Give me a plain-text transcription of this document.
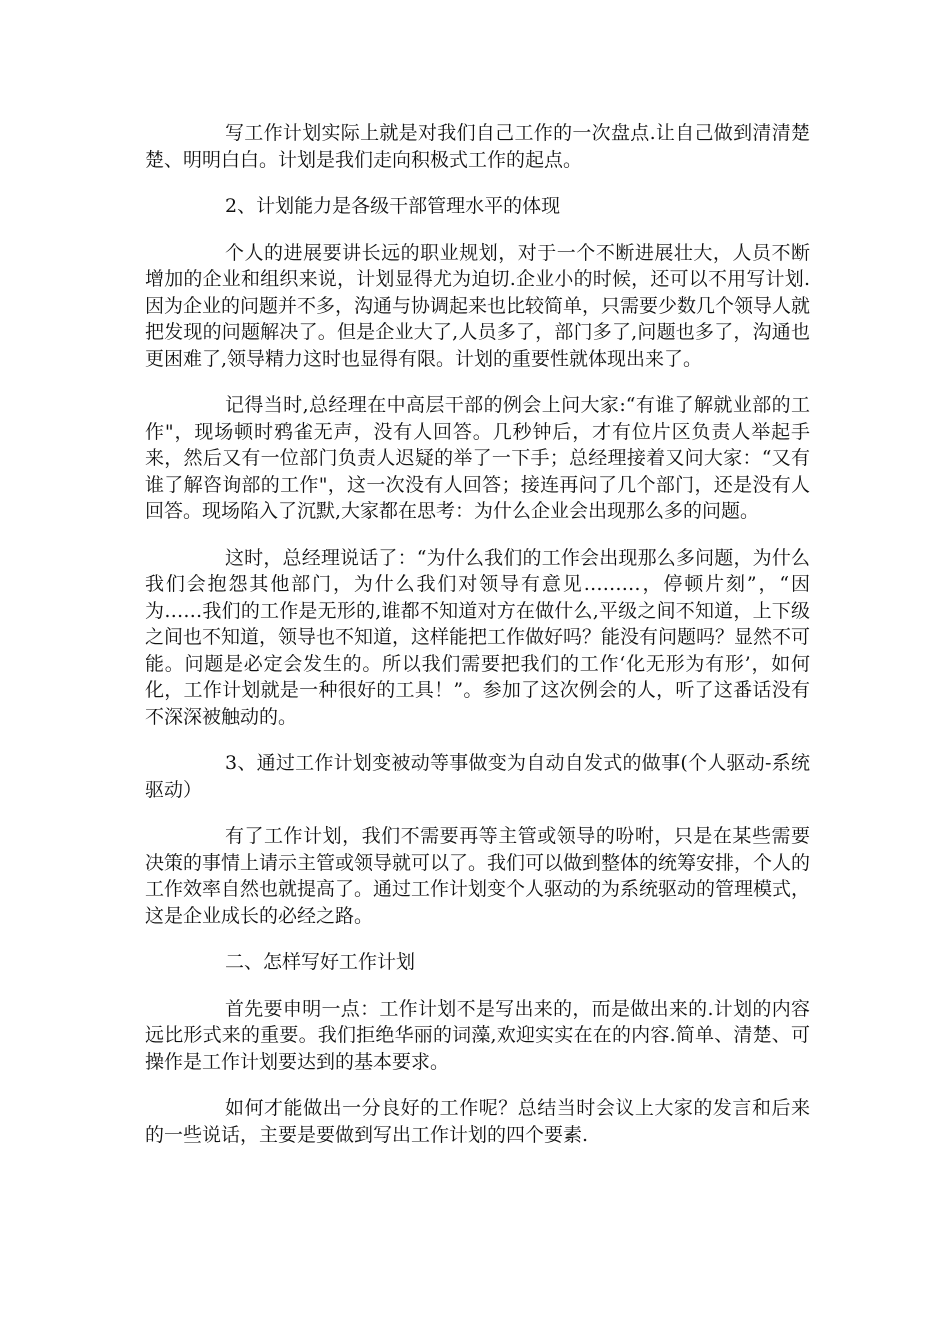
写工作计划实际上就是对我们自己工作的一次盘点.让自己做到清清楚楚、明明白白。计划是我们走向积极式工作的起点。

2、计划能力是各级干部管理水平的体现

个人的进展要讲长远的职业规划，对于一个不断进展壮大，人员不断增加的企业和组织来说，计划显得尤为迫切.企业小的时候，还可以不用写计划.因为企业的问题并不多，沟通与协调起来也比较简单，只需要少数几个领导人就把发现的问题解决了。但是企业大了,人员多了，部门多了,问题也多了，沟通也更困难了,领导精力这时也显得有限。计划的重要性就体现出来了。

记得当时,总经理在中高层干部的例会上问大家:“有谁了解就业部的工作"，现场顿时鸦雀无声，没有人回答。几秒钟后，才有位片区负责人举起手来，然后又有一位部门负责人迟疑的举了一下手；总经理接着又问大家：“又有谁了解咨询部的工作"，这一次没有人回答；接连再问了几个部门，还是没有人回答。现场陷入了沉默,大家都在思考：为什么企业会出现那么多的问题。

这时，总经理说话了：“为什么我们的工作会出现那么多问题，为什么我们会抱怨其他部门，为什么我们对领导有意见………，停顿片刻”，“因为……我们的工作是无形的,谁都不知道对方在做什么,平级之间不知道，上下级之间也不知道，领导也不知道，这样能把工作做好吗？能没有问题吗？显然不可能。问题是必定会发生的。所以我们需要把我们的工作‘化无形为有形’，如何化，工作计划就是一种很好的工具！”。参加了这次例会的人，听了这番话没有不深深被触动的。

3、通过工作计划变被动等事做变为自动自发式的做事(个人驱动-系统驱动）

有了工作计划，我们不需要再等主管或领导的吩咐，只是在某些需要决策的事情上请示主管或领导就可以了。我们可以做到整体的统筹安排，个人的工作效率自然也就提高了。通过工作计划变个人驱动的为系统驱动的管理模式，这是企业成长的必经之路。

二、怎样写好工作计划

首先要申明一点：工作计划不是写出来的，而是做出来的.计划的内容远比形式来的重要。我们拒绝华丽的词藻,欢迎实实在在的内容.简单、清楚、可操作是工作计划要达到的基本要求。

如何才能做出一分良好的工作呢？总结当时会议上大家的发言和后来的一些说话，主要是要做到写出工作计划的四个要素.
